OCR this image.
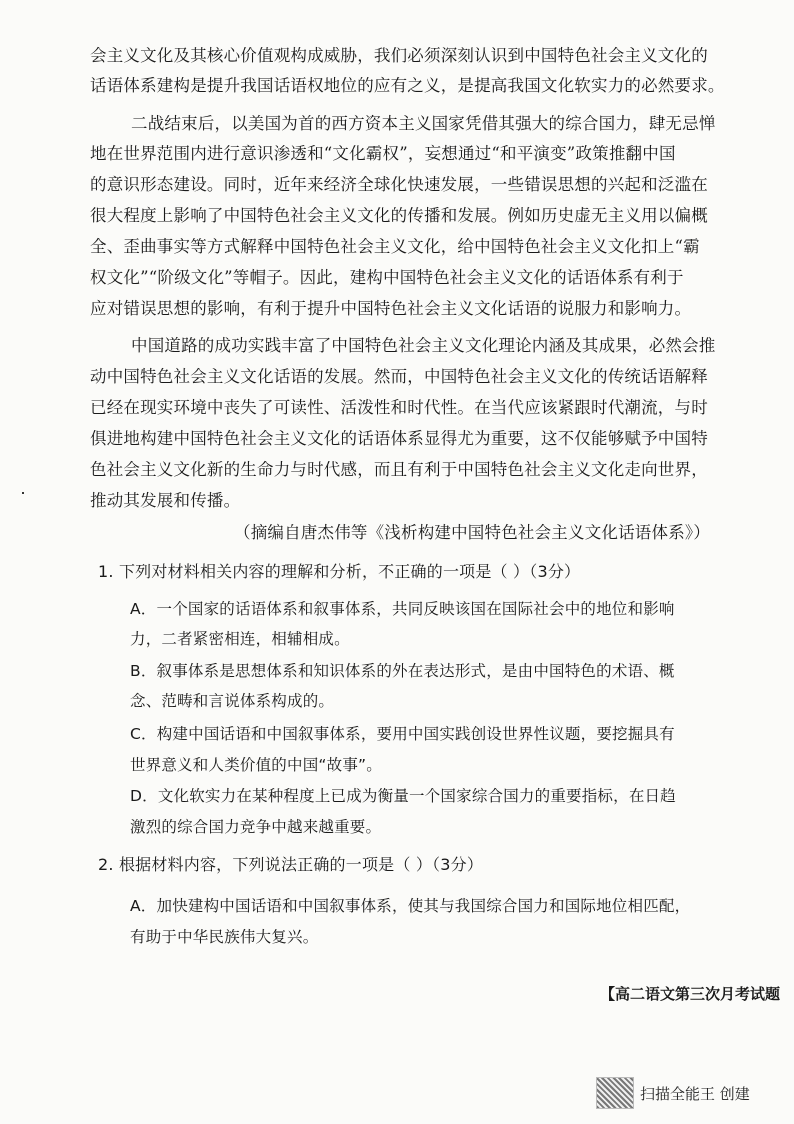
会主义文化及其核心价值观构成威胁，我们必须深刻认识到中国特色社会主义文化的
话语体系建构是提升我国话语权地位的应有之义，是提高我国文化软实力的必然要求。
二战结束后，以美国为首的西方资本主义国家凭借其强大的综合国力，肆无忌惮
地在世界范围内进行意识渗透和“文化霸权”，妄想通过“和平演变”政策推翻中国
的意识形态建设。同时，近年来经济全球化快速发展，一些错误思想的兴起和泛滥在
很大程度上影响了中国特色社会主义文化的传播和发展。例如历史虚无主义用以偏概
全、歪曲事实等方式解释中国特色社会主义文化，给中国特色社会主义文化扣上“霸
权文化”“阶级文化”等帽子。因此，建构中国特色社会主义文化的话语体系有利于
应对错误思想的影响，有利于提升中国特色社会主义文化话语的说服力和影响力。
中国道路的成功实践丰富了中国特色社会主义文化理论内涵及其成果，必然会推
动中国特色社会主义文化话语的发展。然而，中国特色社会主义文化的传统话语解释
已经在现实环境中丧失了可读性、活泼性和时代性。在当代应该紧跟时代潮流，与时
俱进地构建中国特色社会主义文化的话语体系显得尤为重要，这不仅能够赋予中国特
色社会主义文化新的生命力与时代感，而且有利于中国特色社会主义文化走向世界，
推动其发展和传播。
（摘编自唐杰伟等《浅析构建中国特色社会主义文化话语体系》）
1. 下列对材料相关内容的理解和分析，不正确的一项是（ ）（3分）
A．一个国家的话语体系和叙事体系，共同反映该国在国际社会中的地位和影响
力，二者紧密相连，相辅相成。
B．叙事体系是思想体系和知识体系的外在表达形式，是由中国特色的术语、概
念、范畴和言说体系构成的。
C．构建中国话语和中国叙事体系，要用中国实践创设世界性议题，要挖掘具有
世界意义和人类价值的中国“故事”。
D．文化软实力在某种程度上已成为衡量一个国家综合国力的重要指标，在日趋
激烈的综合国力竞争中越来越重要。
2. 根据材料内容，下列说法正确的一项是（ ）（3分）
A．加快建构中国话语和中国叙事体系，使其与我国综合国力和国际地位相匹配，
有助于中华民族伟大复兴。
【高二语文第三次月考试题
扫描全能王 创建
